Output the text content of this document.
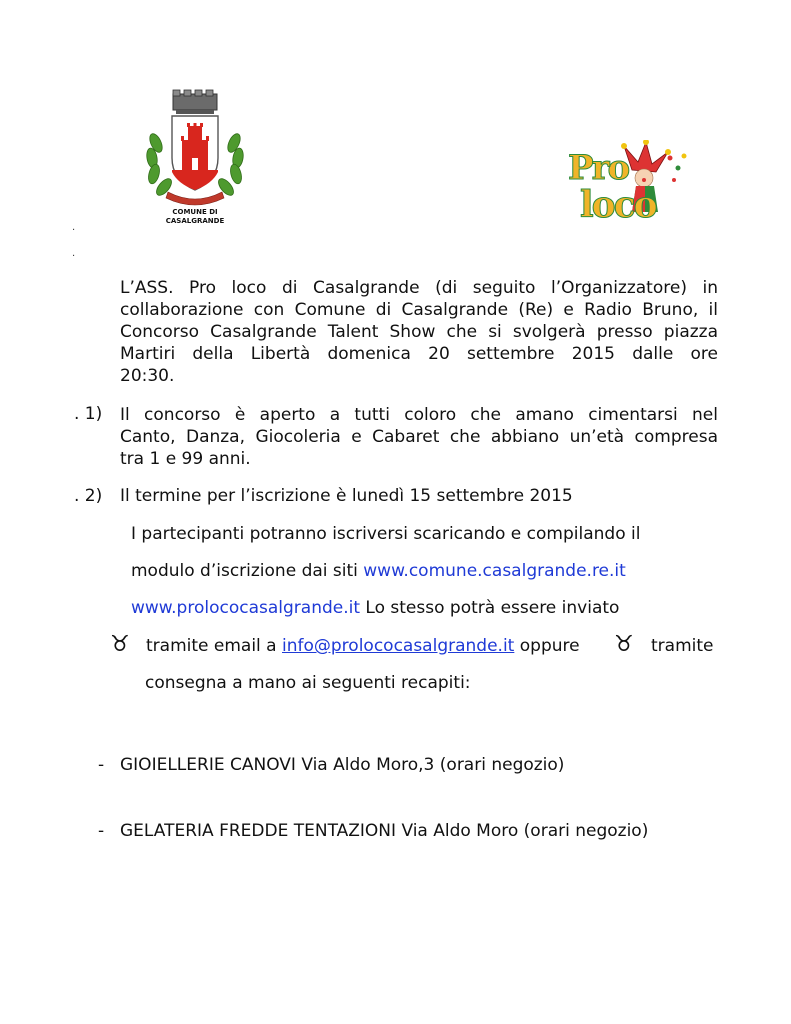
COMUNE DI
CASALGRANDE
Pro
loco
.
.
L’ASS. Pro loco di Casalgrande (di seguito l’Organizzatore) in
collaborazione con Comune di Casalgrande (Re) e Radio Bruno, il
Concorso Casalgrande Talent Show che si svolgerà presso piazza
Martiri della Libertà domenica 20 settembre 2015 dalle ore
20:30.
. 1) Il concorso è aperto a tutti coloro che amano cimentarsi nel
Canto, Danza, Giocoleria e Cabaret che abbiano un’età compresa
tra 1 e 99 anni.
. 2) Il termine per l’iscrizione è lunedì 15 settembre 2015
I partecipanti potranno iscriversi scaricando e compilando il
modulo d’iscrizione dai siti www.comune.casalgrande.re.it
www.prolococasalgrande.it Lo stesso potrà essere inviato
♉ tramite email a info@prolococasalgrande.it oppure ♉ tramite
consegna a mano ai seguenti recapiti:
- GIOIELLERIE CANOVI Via Aldo Moro,3 (orari negozio)
- GELATERIA FREDDE TENTAZIONI Via Aldo Moro (orari negozio)
